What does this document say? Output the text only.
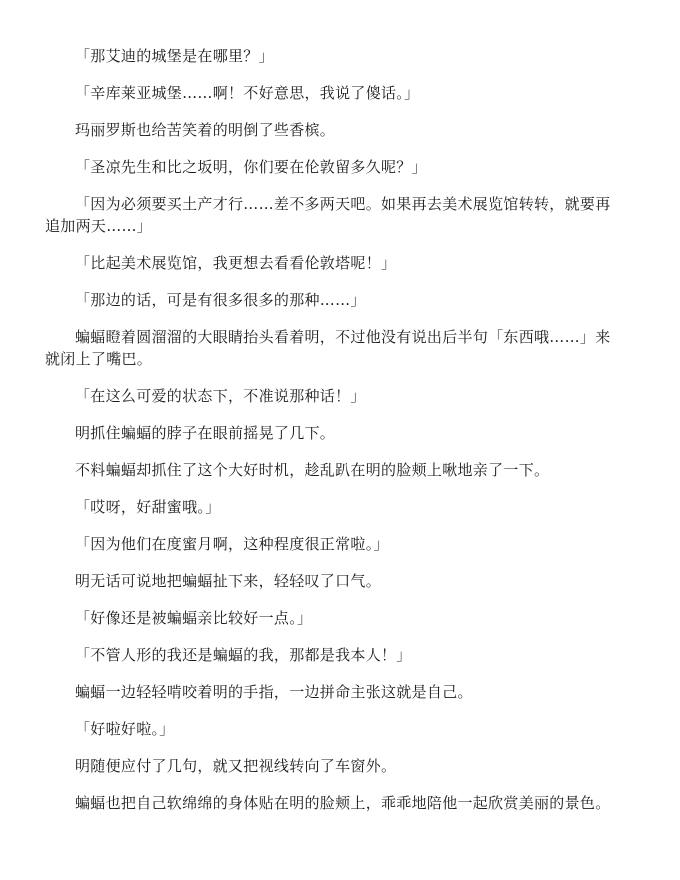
「那艾迪的城堡是在哪里？」

「辛库莱亚城堡……啊！不好意思，我说了傻话。」

玛丽罗斯也给苦笑着的明倒了些香槟。

「圣凉先生和比之坂明，你们要在伦敦留多久呢？」

「因为必须要买土产才行……差不多两天吧。如果再去美术展览馆转转，就要再追加两天……」

「比起美术展览馆，我更想去看看伦敦塔呢！」

「那边的话，可是有很多很多的那种……」

蝙蝠瞪着圆溜溜的大眼睛抬头看着明，不过他没有说出后半句「东西哦……」来就闭上了嘴巴。

「在这么可爱的状态下，不准说那种话！」

明抓住蝙蝠的脖子在眼前摇晃了几下。

不料蝙蝠却抓住了这个大好时机，趁乱趴在明的脸颊上啾地亲了一下。

「哎呀，好甜蜜哦。」

「因为他们在度蜜月啊，这种程度很正常啦。」

明无话可说地把蝙蝠扯下来，轻轻叹了口气。

「好像还是被蝙蝠亲比较好一点。」

「不管人形的我还是蝙蝠的我，那都是我本人！」

蝙蝠一边轻轻啃咬着明的手指，一边拼命主张这就是自己。

「好啦好啦。」

明随便应付了几句，就又把视线转向了车窗外。

蝙蝠也把自己软绵绵的身体贴在明的脸颊上，乖乖地陪他一起欣赏美丽的景色。
